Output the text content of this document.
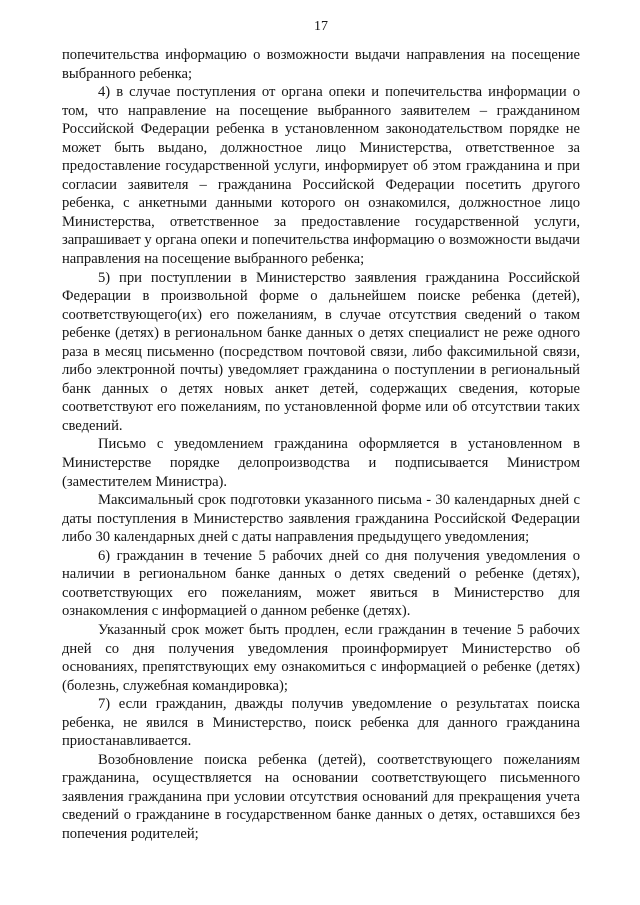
17

попечительства информацию о возможности выдачи направления на посещение выбранного ребенка;

4) в случае поступления от органа опеки и попечительства информации о том, что направление на посещение выбранного заявителем – гражданином Российской Федерации ребенка в установленном законодательством порядке не может быть выдано, должностное лицо Министерства, ответственное за предоставление государственной услуги, информирует об этом гражданина и при согласии заявителя – гражданина Российской Федерации посетить другого ребенка, с анкетными данными которого он ознакомился, должностное лицо Министерства, ответственное за предоставление государственной услуги, запрашивает у органа опеки и попечительства информацию о возможности выдачи направления на посещение выбранного ребенка;

5) при поступлении в Министерство заявления гражданина Российской Федерации в произвольной форме о дальнейшем поиске ребенка (детей), соответствующего(их) его пожеланиям, в случае отсутствия сведений о таком ребенке (детях) в региональном банке данных о детях специалист не реже одного раза в месяц письменно (посредством почтовой связи, либо факсимильной связи, либо электронной почты) уведомляет гражданина о поступлении в региональный банк данных о детях новых анкет детей, содержащих сведения, которые соответствуют его пожеланиям, по установленной форме или об отсутствии таких сведений.

Письмо с уведомлением гражданина оформляется в установленном в Министерстве порядке делопроизводства и подписывается Министром (заместителем Министра).

Максимальный срок подготовки указанного письма - 30 календарных дней с даты поступления в Министерство заявления гражданина Российской Федерации либо 30 календарных дней с даты направления предыдущего уведомления;

6) гражданин в течение 5 рабочих дней со дня получения уведомления о наличии в региональном банке данных о детях сведений о ребенке (детях), соответствующих его пожеланиям, может явиться в Министерство для ознакомления с информацией о данном ребенке (детях).

Указанный срок может быть продлен, если гражданин в течение 5 рабочих дней со дня получения уведомления проинформирует Министерство об основаниях, препятствующих ему ознакомиться с информацией о ребенке (детях) (болезнь, служебная командировка);

7) если гражданин, дважды получив уведомление о результатах поиска ребенка, не явился в Министерство, поиск ребенка для данного гражданина приостанавливается.

Возобновление поиска ребенка (детей), соответствующего пожеланиям гражданина, осуществляется на основании соответствующего письменного заявления гражданина при условии отсутствия оснований для прекращения учета сведений о гражданине в государственном банке данных о детях, оставшихся без попечения родителей;
